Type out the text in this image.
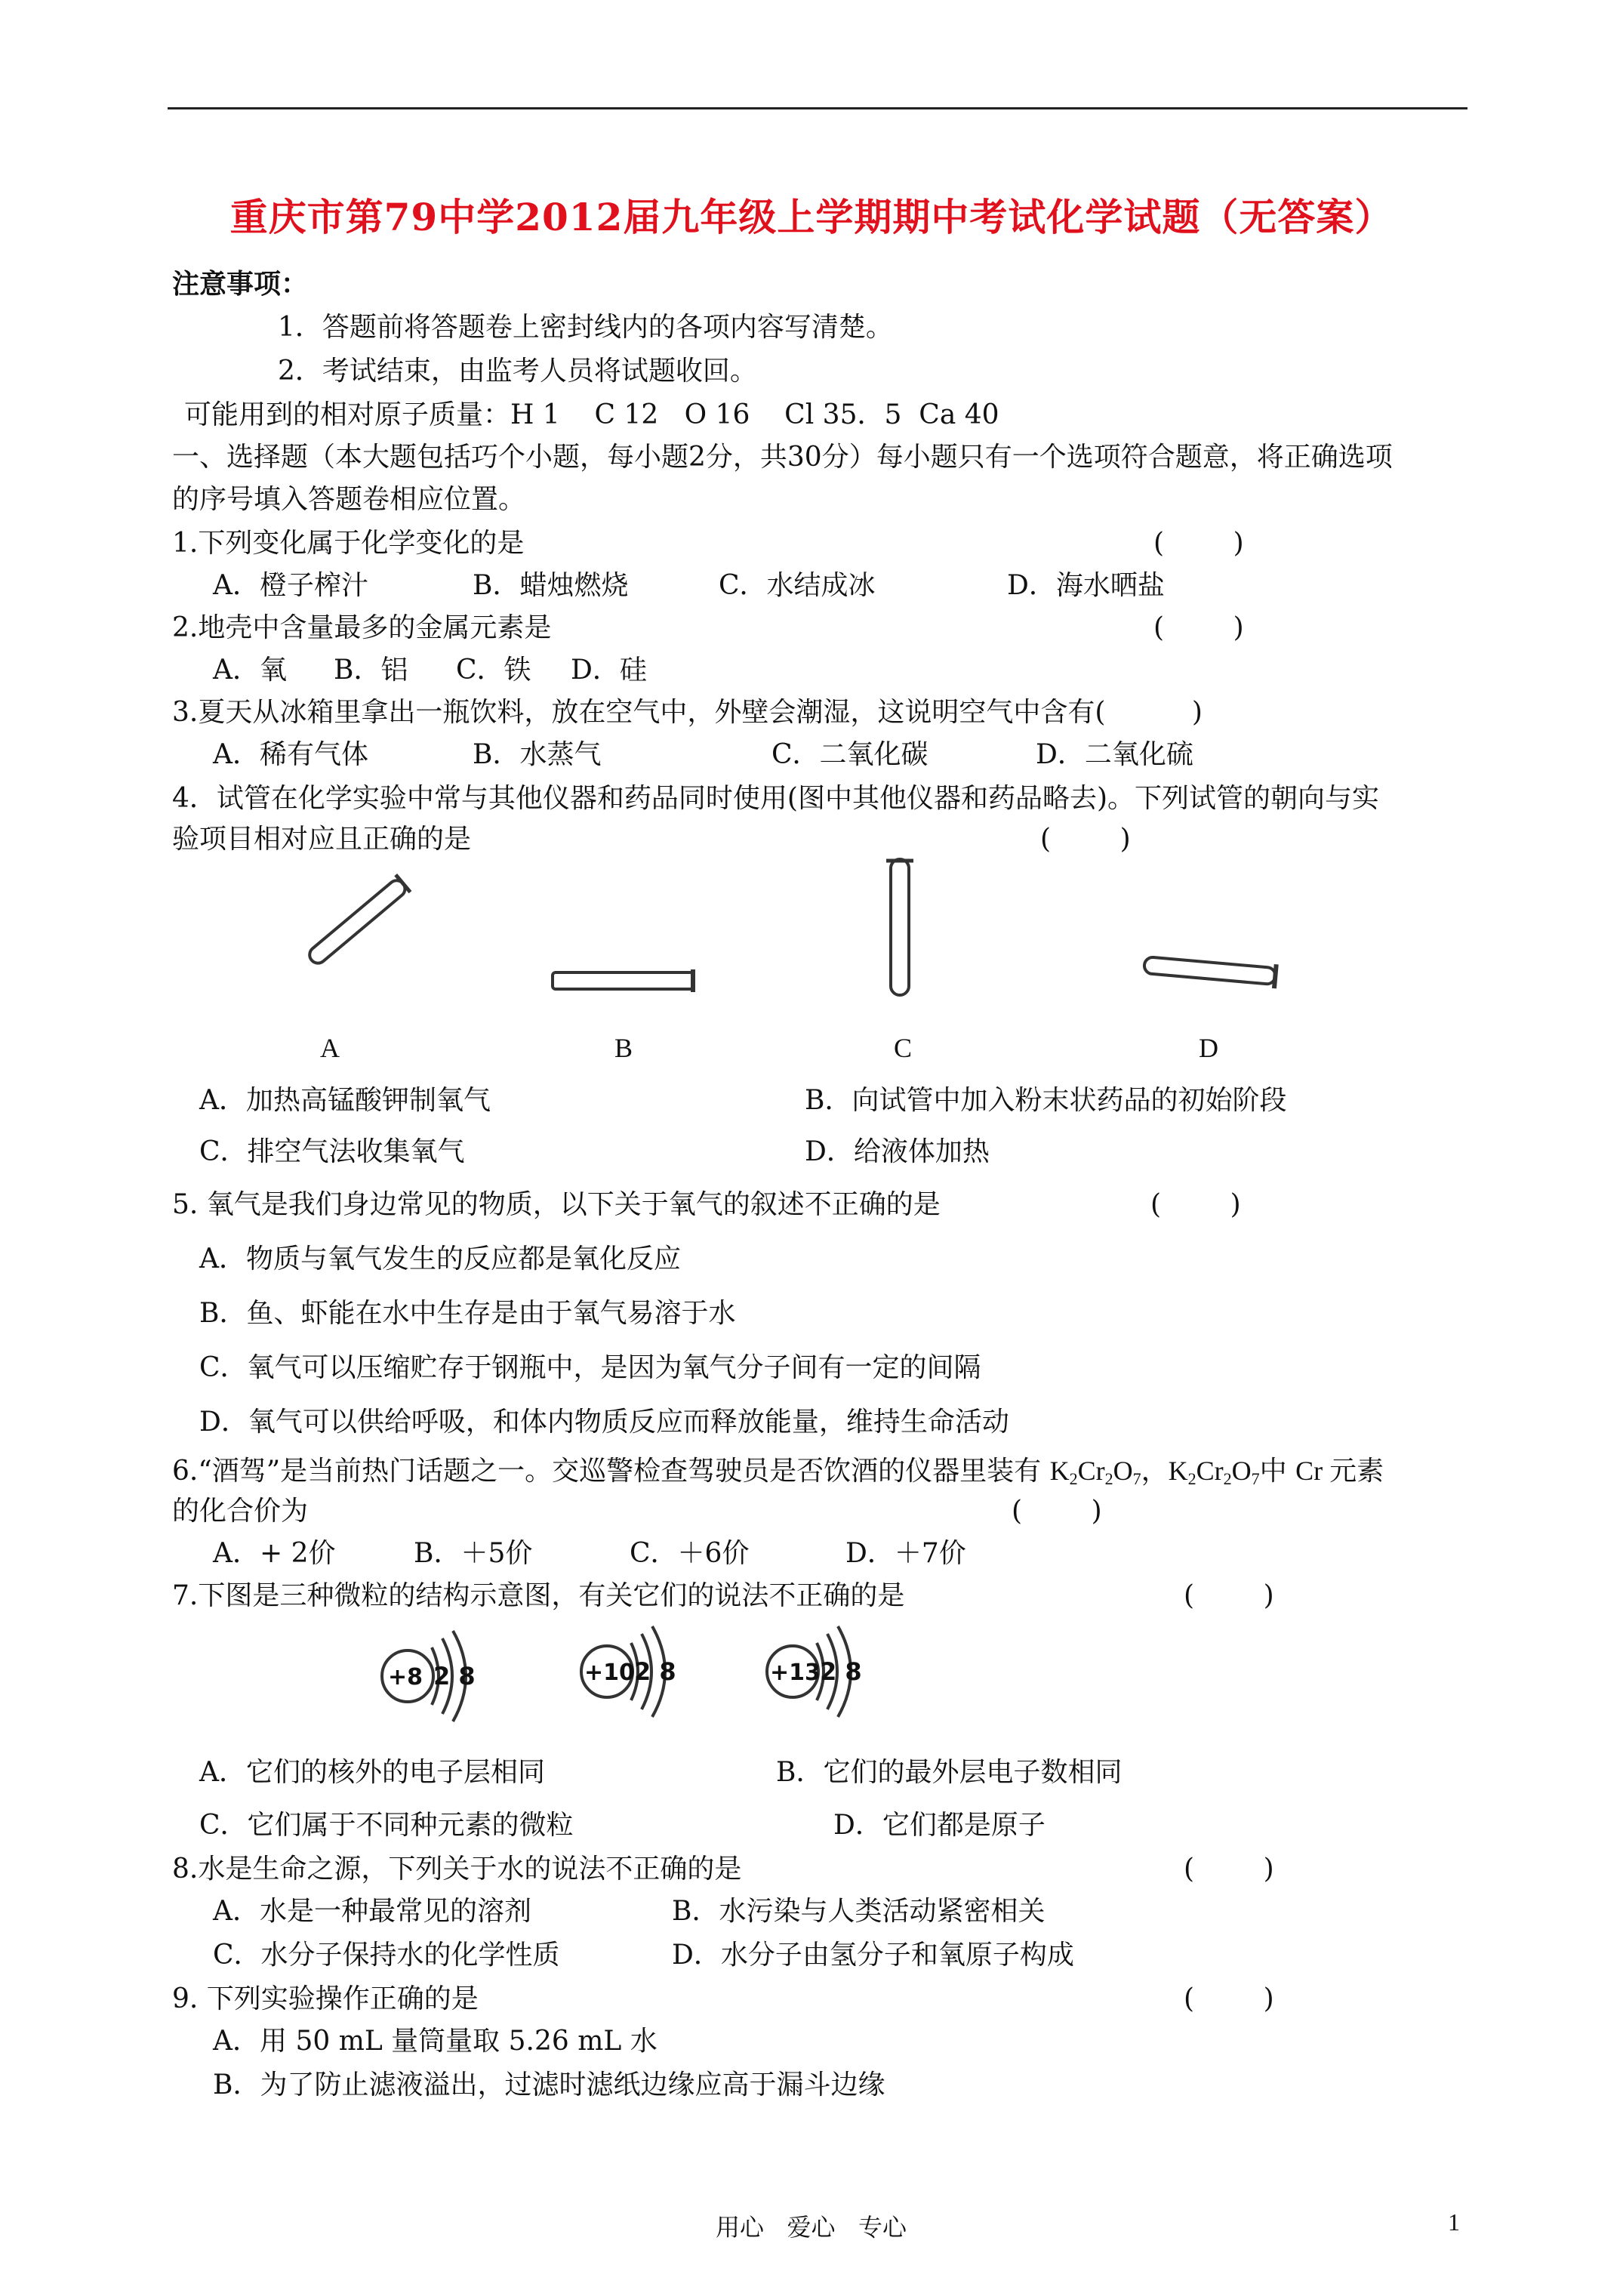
重庆市第79中学2012届九年级上学期期中考试化学试题（无答案）
注意事项：
1．答题前将答题卷上密封线内的各项内容写清楚。
2．考试结束，由监考人员将试题收回。
可能用到的相对原子质量：H 1    C 12   O 16    Cl 35．5  Ca 40
一、选择题（本大题包括巧个小题，每小题2分，共30分）每小题只有一个选项符合题意，将正确选项
的序号填入答题卷相应位置。
1.下列变化属于化学变化的是	(        )
A．橙子榨汁	B．蜡烛燃烧	C．水结成冰	D．海水晒盐
2.地壳中含量最多的金属元素是	(        )
A．氧 B．铝 C．铁 D．硅
3.夏天从冰箱里拿出一瓶饮料，放在空气中，外壁会潮湿，这说明空气中含有(          )
A．稀有气体	B．水蒸气	C．二氧化碳	D．二氧化硫
4．试管在化学实验中常与其他仪器和药品同时使用(图中其他仪器和药品略去)。下列试管的朝向与实
验项目相对应且正确的是	(        )
A	B	C	D
A．加热高锰酸钾制氧气	B．向试管中加入粉末状药品的初始阶段
C．排空气法收集氧气	D．给液体加热
5. 氧气是我们身边常见的物质，以下关于氧气的叙述不正确的是	(        )
A．物质与氧气发生的反应都是氧化反应
B．鱼、虾能在水中生存是由于氧气易溶于水
C．氧气可以压缩贮存于钢瓶中，是因为氧气分子间有一定的间隔
D．氧气可以供给呼吸，和体内物质反应而释放能量，维持生命活动
6.“酒驾”是当前热门话题之一。交巡警检查驾驶员是否饮酒的仪器里装有 $K_2Cr_2O_7$，$K_2Cr_2O_7$中 Cr 元素
的化合价为	(        )
A．+ 2价	B．＋5价	C．＋6价	D．＋7价
7.下图是三种微粒的结构示意图，有关它们的说法不正确的是	(        )
+8 2 8	+10 2 8	+13 2 8
A．它们的核外的电子层相同	B．它们的最外层电子数相同
C．它们属于不同种元素的微粒	D．它们都是原子
8.水是生命之源，下列关于水的说法不正确的是	(        )
A．水是一种最常见的溶剂	B．水污染与人类活动紧密相关
C．水分子保持水的化学性质	D．水分子由氢分子和氧原子构成
9. 下列实验操作正确的是	(        )
A．用 50 mL 量筒量取 5.26 mL 水
B．为了防止滤液溢出，过滤时滤纸边缘应高于漏斗边缘
用心   爱心   专心	1
